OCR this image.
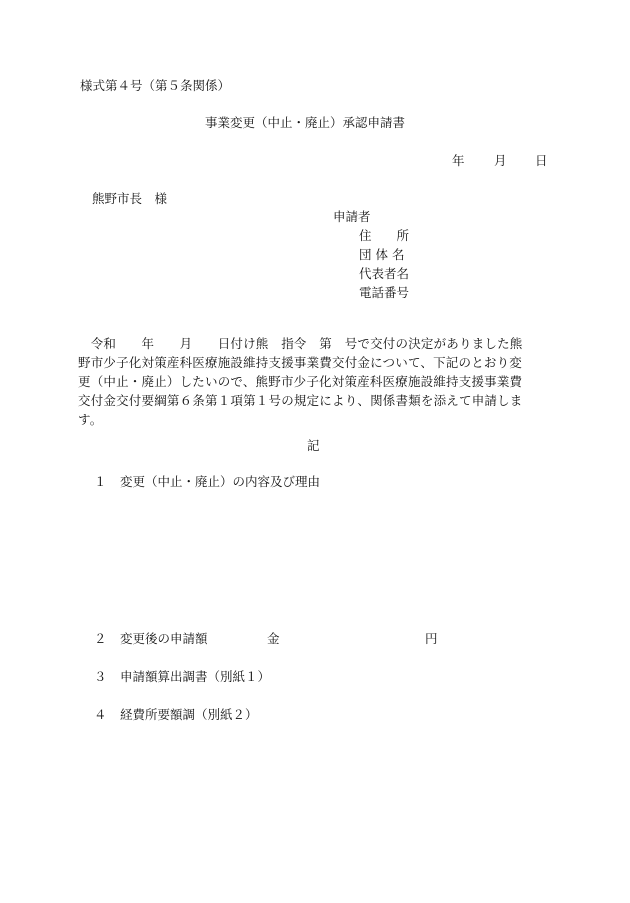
様式第４号（第５条関係）
事業変更（中止・廃止）承認申請書
年 月 日
熊野市長　様
申請者
住　　所
団 体 名
代表者名
電話番号
　令和　　年　　月　　日付け熊　指令　第　号で交付の決定がありました熊
野市少子化対策産科医療施設維持支援事業費交付金について、下記のとおり変
更（中止・廃止）したいので、熊野市少子化対策産科医療施設維持支援事業費
交付金交付要綱第６条第１項第１号の規定により、関係書類を添えて申請しま
す。
記
１ 変更（中止・廃止）の内容及び理由
２ 変更後の申請額	金	円
３ 申請額算出調書（別紙１）
４ 経費所要額調（別紙２）
